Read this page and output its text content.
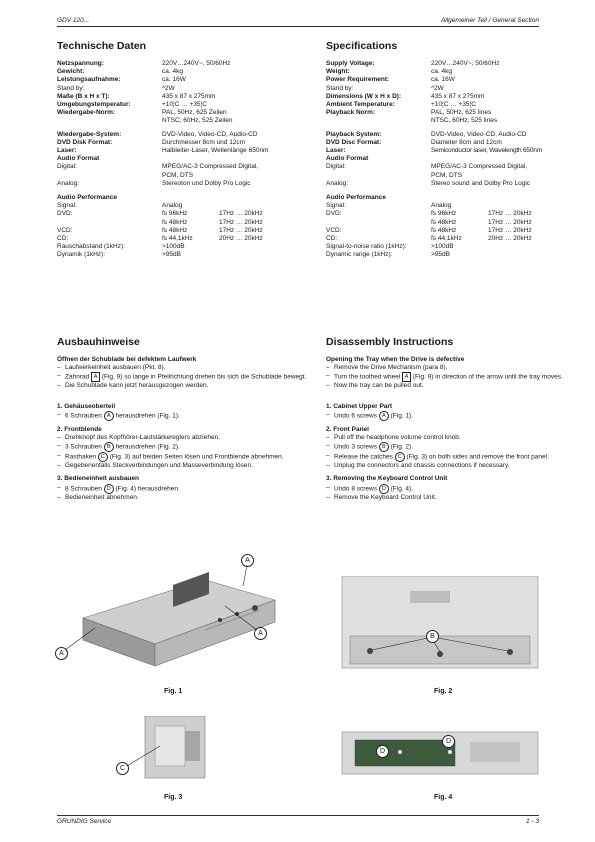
GDV 120...	Allgemeiner Teil / General Section
Technische Daten
Netzspannung:	220V…240V~, 50/60Hz
Gewicht:	ca. 4kg
Leistungsaufnahme:	ca. 16W
Stand by:	^2W
Maße (B x H x T):	435 x 87 x 275mm
Umgebungstemperatur:	+10¦C … +35¦C
Wiedergabe-Norm:	PAL, 50Hz, 625 Zeilen
NTSC, 60Hz, 525 Zeilen
Wiedergabe-System:	DVD-Video, Video-CD, Audio-CD
DVD Disk Format:	Durchmesser 8cm und 12cm
Laser:	Halbleiter-Laser, Wellenlänge 650nm
Audio Format
Digital:	MPEG/AC-3 Compressed Digital,
PCM, DTS
Analog:	Stereoton und Dolby Pro Logic
Audio Performance
Signal:	Analog
DVD:	fs 96kHz	17Hz … 20kHz
fs 48kHz	17Hz … 20kHz
VCD:	fs 48kHz	17Hz … 20kHz
CD:	fs 44,1kHz	20Hz … 20kHz
Rauschabstand (1kHz):	>100dB
Dynamik (1kHz):	>95dB
Ausbauhinweise
Öffnen der Schublade bei defektem Laufwerk
– Laufwerkeinheit ausbauen (Pkt. 8).
– Zahnrad A (Fig. 9) so lange in Pfeilrichtung drehen bis sich die Schublade bewegt.
– Die Schublade kann jetzt herausgezogen werden.
1. Gehäuseoberteil
– 6 Schrauben A herausdrehen (Fig. 1).
2. Frontblende
– Drehknopf des Kopfhörer-Lautstärkereglers abziehen.
– 3 Schrauben B herausdrehen (Fig. 2).
– Rasthaken C (Fig. 3) auf beiden Seiten lösen und Frontblende abnehmen.
– Gegebenenfalls Steckverbindungen und Masseverbindung lösen.
3. Bedieneinheit ausbauen
– 8 Schrauben D (Fig. 4) herausdrehen.
– Bedieneinheit abnehmen.
Specifications
Supply Voltage:	220V…240V~, 50/60Hz
Weight:	ca. 4kg
Power Requirement:	ca. 16W
Stand by:	^2W
Dimensions (W x H x D):	435 x 87 x 275mm
Ambient Temperature:	+10¦C … +35¦C
Playback Norm:	PAL, 50Hz, 625 lines
NTSC, 60Hz, 525 lines
Playback System:	DVD-Video, Video-CD, Audio-CD
DVD Disc Format:	Diameter 8cm and 12cm
Laser:	Semiconductor laser, Wavelength 650nm
Audio Format
Digital:	MPEG/AC-3 Compressed Digital,
PCM, DTS
Analog:	Stereo sound and Dolby Pro Logic
Audio Performance
Signal:	Analog
DVD:	fs 96kHz	17Hz … 20kHz
fs 48kHz	17Hz … 20kHz
VCD:	fs 48kHz	17Hz … 20kHz
CD:	fs 44,1kHz	20Hz … 20kHz
Signal-to-noise ratio (1kHz):	>100dB
Dynamic range (1kHz):	>95dB
Disassembly Instructions
Opening the Tray when the Drive is defective
– Remove the Drive Mechanism (para 8).
– Turn the toothed wheel A (Fig. 9) in direction of the arrow until the tray moves.
– Now the tray can be pulled out.
1. Cabinet Upper Part
– Undo 6 screws A (Fig. 1).
2. Front Panel
– Pull off the headphone volume control knob.
– Undo 3 screws B (Fig. 2).
– Release the catches C (Fig. 3) on both sides and remove the front panel.
– Unplug the connectors and chassis connections if necessary.
3. Removing the Keyboard Control Unit
– Undo 8 screws D (Fig. 4).
– Remove the Keyboard Control Unit.
A
A
A
Fig. 1
B
Fig. 2
C
Fig. 3
D
D
Fig. 4
GRUNDIG Service	1 - 3
